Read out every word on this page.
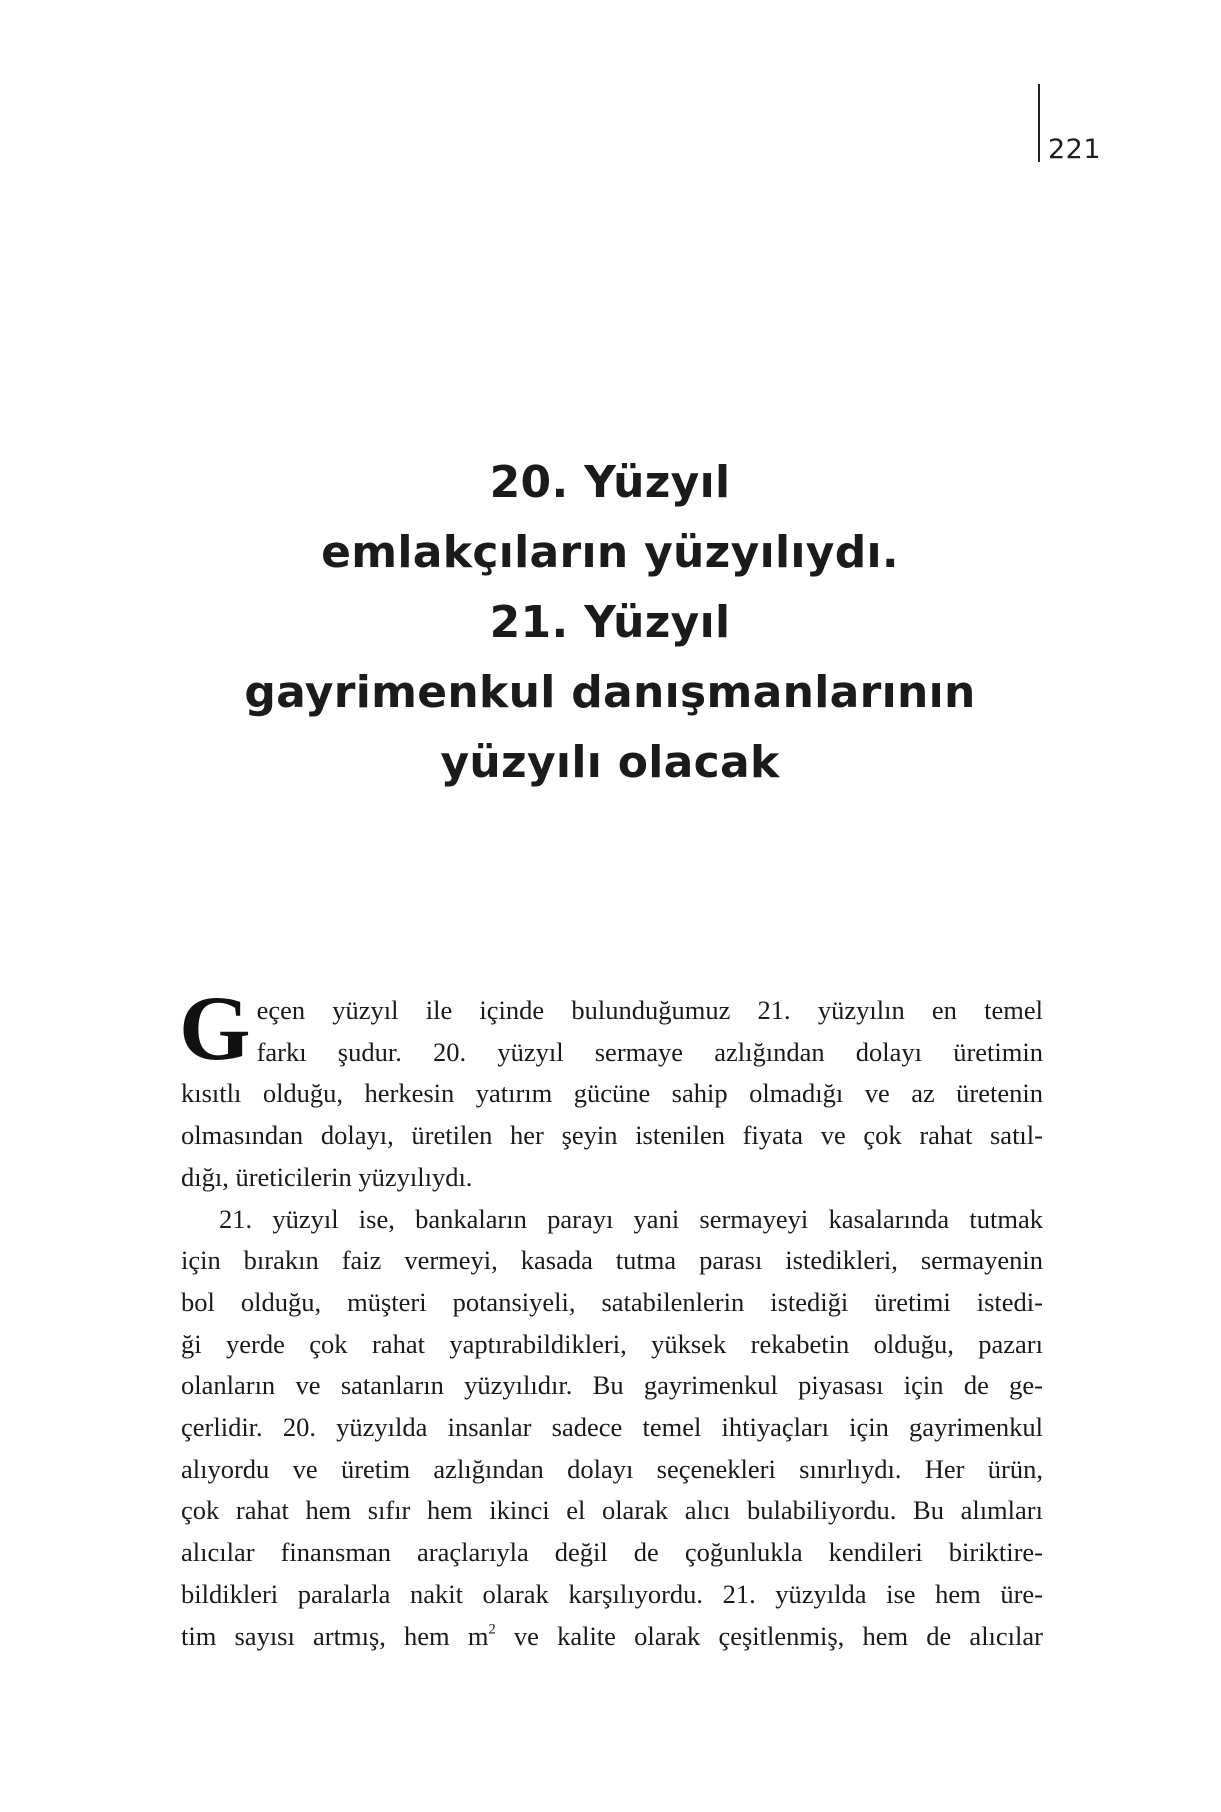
221
20. Yüzyıl
emlakçıların yüzyılıydı.
21. Yüzyıl
gayrimenkul danışmanlarının
yüzyılı olacak
G eçen yüzyıl ile içinde bulunduğumuz 21. yüzyılın en temel

farkı şudur. 20. yüzyıl sermaye azlığından dolayı üretimin

kısıtlı olduğu, herkesin yatırım gücüne sahip olmadığı ve az üretenin

olmasından dolayı, üretilen her şeyin istenilen fiyata ve çok rahat satıl-

dığı, üreticilerin yüzyılıydı.

21. yüzyıl ise, bankaların parayı yani sermayeyi kasalarında tutmak

için bırakın faiz vermeyi, kasada tutma parası istedikleri, sermayenin

bol olduğu, müşteri potansiyeli, satabilenlerin istediği üretimi istedi-

ği yerde çok rahat yaptırabildikleri, yüksek rekabetin olduğu, pazarı

olanların ve satanların yüzyılıdır. Bu gayrimenkul piyasası için de ge-

çerlidir. 20. yüzyılda insanlar sadece temel ihtiyaçları için gayrimenkul

alıyordu ve üretim azlığından dolayı seçenekleri sınırlıydı. Her ürün,

çok rahat hem sıfır hem ikinci el olarak alıcı bulabiliyordu. Bu alımları

alıcılar finansman araçlarıyla değil de çoğunlukla kendileri biriktire-

bildikleri paralarla nakit olarak karşılıyordu. 21. yüzyılda ise hem üre-

tim sayısı artmış, hem $m^2$ ve kalite olarak çeşitlenmiş, hem de alıcılar
